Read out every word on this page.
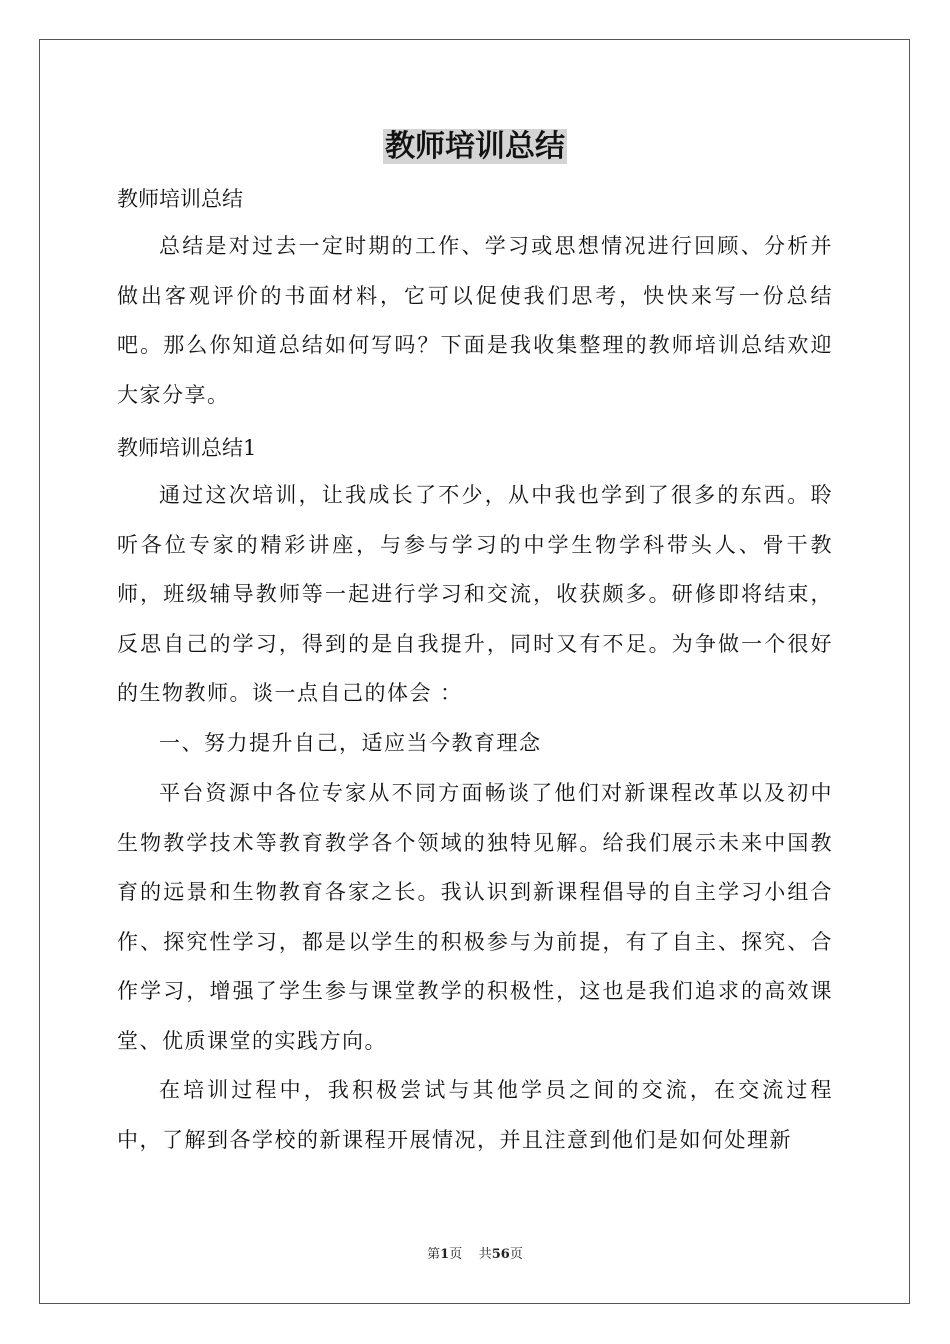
教师培训总结

教师培训总结

总结是对过去一定时期的工作、学习或思想情况进行回顾、分析并做出客观评价的书面材料，它可以促使我们思考，快快来写一份总结吧。那么你知道总结如何写吗？下面是我收集整理的教师培训总结欢迎大家分享。

教师培训总结1

通过这次培训，让我成长了不少，从中我也学到了很多的东西。聆听各位专家的精彩讲座，与参与学习的中学生物学科带头人、骨干教师，班级辅导教师等一起进行学习和交流，收获颇多。研修即将结束，反思自己的学习，得到的是自我提升，同时又有不足。为争做一个很好的生物教师。谈一点自己的体会 ：

一、努力提升自己，适应当今教育理念

平台资源中各位专家从不同方面畅谈了他们对新课程改革以及初中生物教学技术等教育教学各个领域的独特见解。给我们展示未来中国教育的远景和生物教育各家之长。我认识到新课程倡导的自主学习小组合作、探究性学习，都是以学生的积极参与为前提，有了自主、探究、合作学习，增强了学生参与课堂教学的积极性，这也是我们追求的高效课堂、优质课堂的实践方向。

在培训过程中，我积极尝试与其他学员之间的交流，在交流过程中，了解到各学校的新课程开展情况，并且注意到他们是如何处理新

第1页 共56页
